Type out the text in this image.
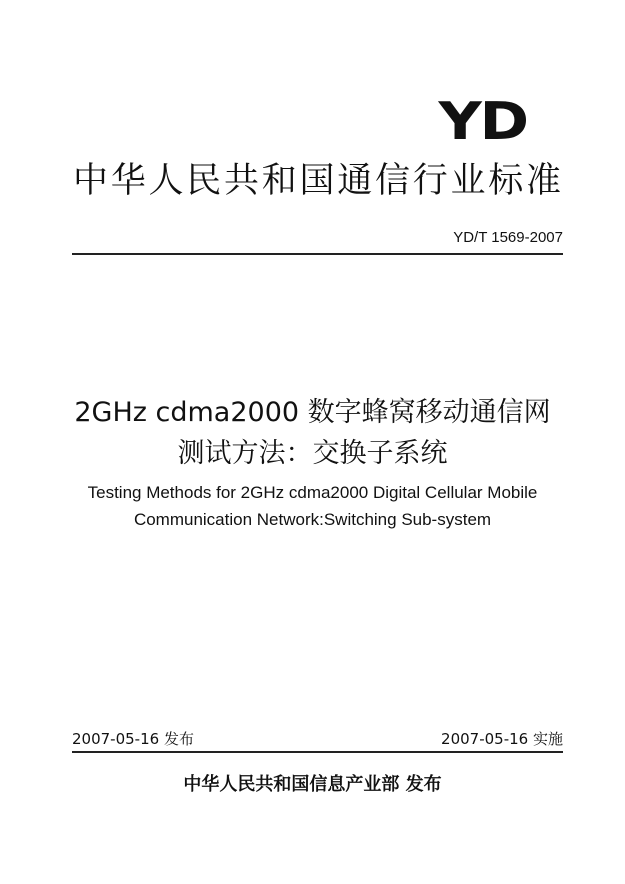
YD
中华人民共和国通信行业标准
YD/T 1569-2007
2GHz cdma2000 数字蜂窝移动通信网
测试方法：交换子系统
Testing Methods for 2GHz cdma2000 Digital Cellular Mobile
Communication Network:Switching Sub-system
2007-05-16 发布	2007-05-16 实施
中华人民共和国信息产业部 发布
